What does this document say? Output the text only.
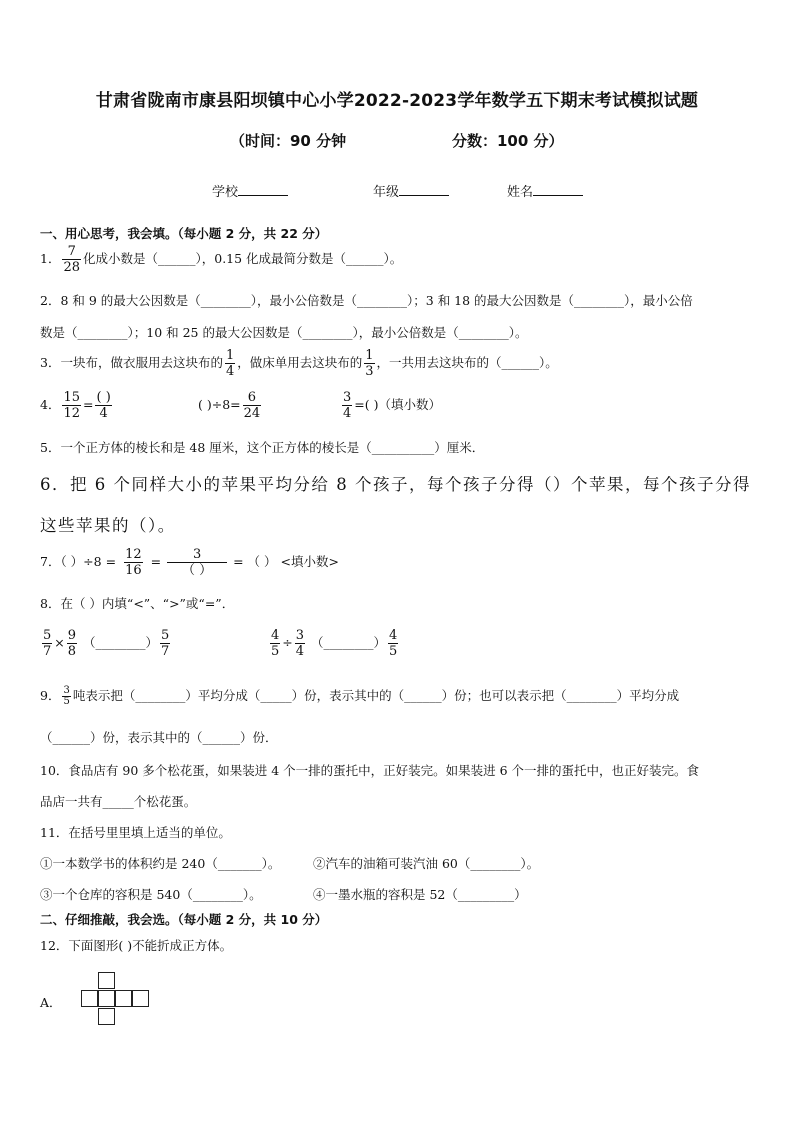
甘肃省陇南市康县阳坝镇中心小学2022-2023学年数学五下期末考试模拟试题
（时间：90 分钟	分数：100 分）
学校	年级	姓名
一、用心思考，我会填。（每小题 2 分，共 22 分）
1． $\frac{7}{28}$ 化成小数是（______），0.15 化成最简分数是（______）。
2．8 和 9 的最大公因数是（________），最小公倍数是（________）；3 和 18 的最大公因数是（________），最小公倍
数是（________）；10 和 25 的最大公因数是（________），最小公倍数是（________）。
3．一块布，做衣服用去这块布的 $\frac{1}{4}$ ，做床单用去这块布的 $\frac{1}{3}$ ，一共用去这块布的（______）。
4． $\frac{15}{12} = \frac{( )}{4}$	( )$\div 8= \frac{6}{24}$	$\frac{3}{4}$ =( )（填小数）
5．一个正方体的棱长和是 48 厘米，这个正方体的棱长是（__________）厘米．
6．把 6 个同样大小的苹果平均分给 8 个孩子，每个孩子分得（）个苹果，每个孩子分得
这些苹果的（）。
7．（ ）$\div 8 = \frac{12}{16} = \frac{3}{( )}$ = （ ） <填小数>
8．在（ ）内填“<”、“>”或“=”．
$\frac{5}{7} \times \frac{9}{8}$ （________） $\frac{5}{7}$	$\frac{4}{5} \div \frac{3}{4}$ （________） $\frac{4}{5}$
9． $\frac{3}{5}$ 吨表示把（________）平均分成（_____）份，表示其中的（______）份；也可以表示把（________）平均分成
（______）份，表示其中的（______）份．
10．食品店有 90 多个松花蛋，如果装进 4 个一排的蛋托中，正好装完。如果装进 6 个一排的蛋托中，也正好装完。食
品店一共有_____个松花蛋。
11．在括号里里填上适当的单位。
①一本数学书的体积约是 240（_______）。	②汽车的油箱可装汽油 60（________）。
③一个仓库的容积是 540（________）。	④一墨水瓶的容积是 52（_________）
二、仔细推敲，我会选。（每小题 2 分，共 10 分）
12．下面图形( )不能折成正方体。
A．
